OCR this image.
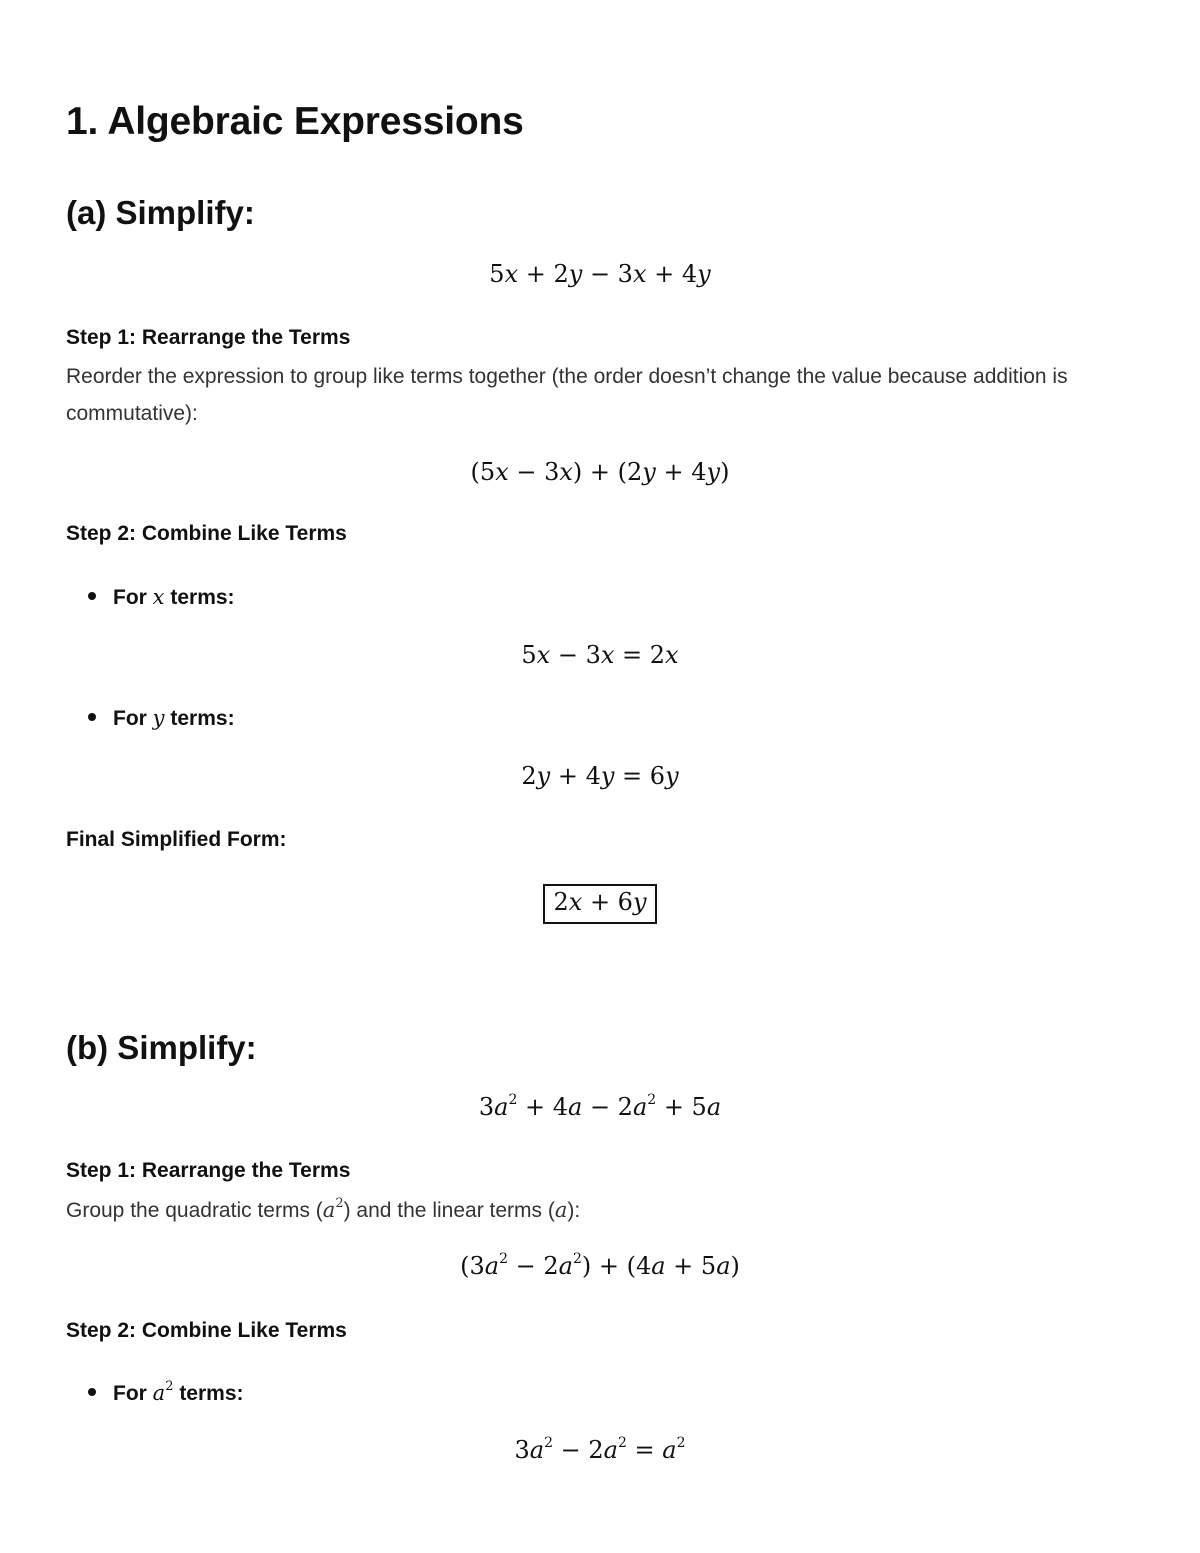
1. Algebraic Expressions
(a) Simplify:
5x + 2y − 3x + 4y
Step 1: Rearrange the Terms
Reorder the expression to group like terms together (the order doesn’t change the value because addition is commutative):
(5x − 3x) + (2y + 4y)
Step 2: Combine Like Terms
For x terms:
5x − 3x = 2x
For y terms:
2y + 4y = 6y
Final Simplified Form:
2x + 6y
(b) Simplify:
$3a^2 + 4a - 2a^2 + 5a$
Step 1: Rearrange the Terms
Group the quadratic terms $(a^2)$ and the linear terms (a):
$(3a^2 - 2a^2) + (4a + 5a)$
Step 2: Combine Like Terms
For $a^2$ terms:
$3a^2 - 2a^2 = a^2$
